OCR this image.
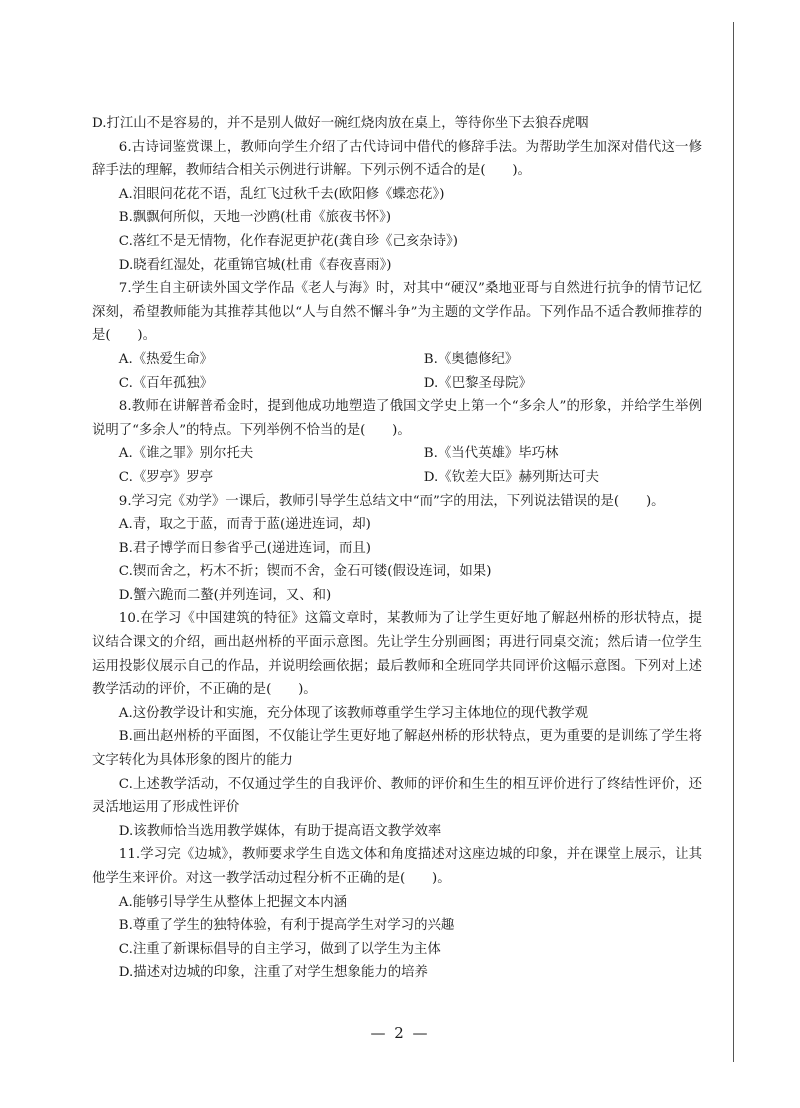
D.打江山不是容易的，并不是别人做好一碗红烧肉放在桌上，等待你坐下去狼吞虎咽
6.古诗词鉴赏课上，教师向学生介绍了古代诗词中借代的修辞手法。为帮助学生加深对借代这一修辞手法的理解，教师结合相关示例进行讲解。下列示例不适合的是(　　)。
A.泪眼问花花不语，乱红飞过秋千去(欧阳修《蝶恋花》)
B.飘飘何所似，天地一沙鸥(杜甫《旅夜书怀》)
C.落红不是无情物，化作春泥更护花(龚自珍《己亥杂诗》)
D.晓看红湿处，花重锦官城(杜甫《春夜喜雨》)
7.学生自主研读外国文学作品《老人与海》时，对其中“硬汉”桑地亚哥与自然进行抗争的情节记忆深刻，希望教师能为其推荐其他以“人与自然不懈斗争”为主题的文学作品。下列作品不适合教师推荐的是(　　)。
A.《热爱生命》	B.《奥德修纪》
C.《百年孤独》	D.《巴黎圣母院》
8.教师在讲解普希金时，提到他成功地塑造了俄国文学史上第一个“多余人”的形象，并给学生举例说明了“多余人”的特点。下列举例不恰当的是(　　)。
A.《谁之罪》别尔托夫	B.《当代英雄》毕巧林
C.《罗亭》罗亭	D.《钦差大臣》赫列斯达可夫
9.学习完《劝学》一课后，教师引导学生总结文中“而”字的用法，下列说法错误的是(　　)。
A.青，取之于蓝，而青于蓝(递进连词，却)
B.君子博学而日参省乎己(递进连词，而且)
C.锲而舍之，朽木不折；锲而不舍，金石可镂(假设连词，如果)
D.蟹六跪而二螯(并列连词，又、和)
10.在学习《中国建筑的特征》这篇文章时，某教师为了让学生更好地了解赵州桥的形状特点，提议结合课文的介绍，画出赵州桥的平面示意图。先让学生分别画图；再进行同桌交流；然后请一位学生运用投影仪展示自己的作品，并说明绘画依据；最后教师和全班同学共同评价这幅示意图。下列对上述教学活动的评价，不正确的是(　　)。
A.这份教学设计和实施，充分体现了该教师尊重学生学习主体地位的现代教学观
B.画出赵州桥的平面图，不仅能让学生更好地了解赵州桥的形状特点，更为重要的是训练了学生将文字转化为具体形象的图片的能力
C.上述教学活动，不仅通过学生的自我评价、教师的评价和生生的相互评价进行了终结性评价，还灵活地运用了形成性评价
D.该教师恰当选用教学媒体，有助于提高语文教学效率
11.学习完《边城》，教师要求学生自选文体和角度描述对这座边城的印象，并在课堂上展示，让其他学生来评价。对这一教学活动过程分析不正确的是(　　)。
A.能够引导学生从整体上把握文本内涵
B.尊重了学生的独特体验，有利于提高学生对学习的兴趣
C.注重了新课标倡导的自主学习，做到了以学生为主体
D.描述对边城的印象，注重了对学生想象能力的培养
— 2 —
